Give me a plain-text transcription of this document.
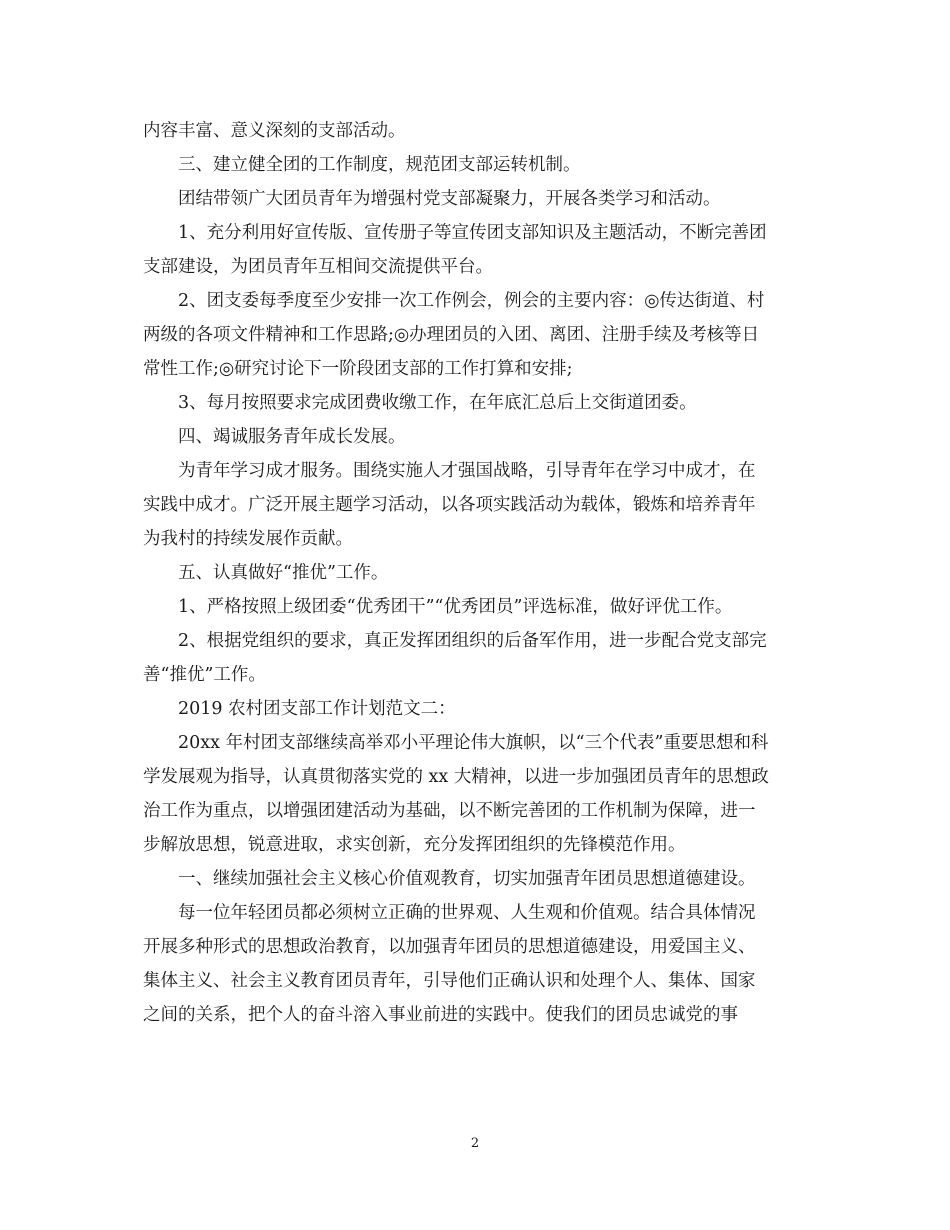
内容丰富、意义深刻的支部活动。
三、建立健全团的工作制度，规范团支部运转机制。
团结带领广大团员青年为增强村党支部凝聚力，开展各类学习和活动。
1、充分利用好宣传版、宣传册子等宣传团支部知识及主题活动，不断完善团
支部建设，为团员青年互相间交流提供平台。
2、团支委每季度至少安排一次工作例会，例会的主要内容：◎传达街道、村
两级的各项文件精神和工作思路;◎办理团员的入团、离团、注册手续及考核等日
常性工作;◎研究讨论下一阶段团支部的工作打算和安排;
3、每月按照要求完成团费收缴工作，在年底汇总后上交街道团委。
四、竭诚服务青年成长发展。
为青年学习成才服务。围绕实施人才强国战略，引导青年在学习中成才，在
实践中成才。广泛开展主题学习活动，以各项实践活动为载体，锻炼和培养青年
为我村的持续发展作贡献。
五、认真做好“推优”工作。
1、严格按照上级团委“优秀团干”“优秀团员”评选标准，做好评优工作。
2、根据党组织的要求，真正发挥团组织的后备军作用，进一步配合党支部完
善“推优”工作。
2019 农村团支部工作计划范文二：
20xx 年村团支部继续高举邓小平理论伟大旗帜，以“三个代表”重要思想和科
学发展观为指导，认真贯彻落实党的 xx 大精神，以进一步加强团员青年的思想政
治工作为重点，以增强团建活动为基础，以不断完善团的工作机制为保障，进一
步解放思想，锐意进取，求实创新，充分发挥团组织的先锋模范作用。
一、继续加强社会主义核心价值观教育，切实加强青年团员思想道德建设。
每一位年轻团员都必须树立正确的世界观、人生观和价值观。结合具体情况
开展多种形式的思想政治教育，以加强青年团员的思想道德建设，用爱国主义、
集体主义、社会主义教育团员青年，引导他们正确认识和处理个人、集体、国家
之间的关系，把个人的奋斗溶入事业前进的实践中。使我们的团员忠诚党的事
2
